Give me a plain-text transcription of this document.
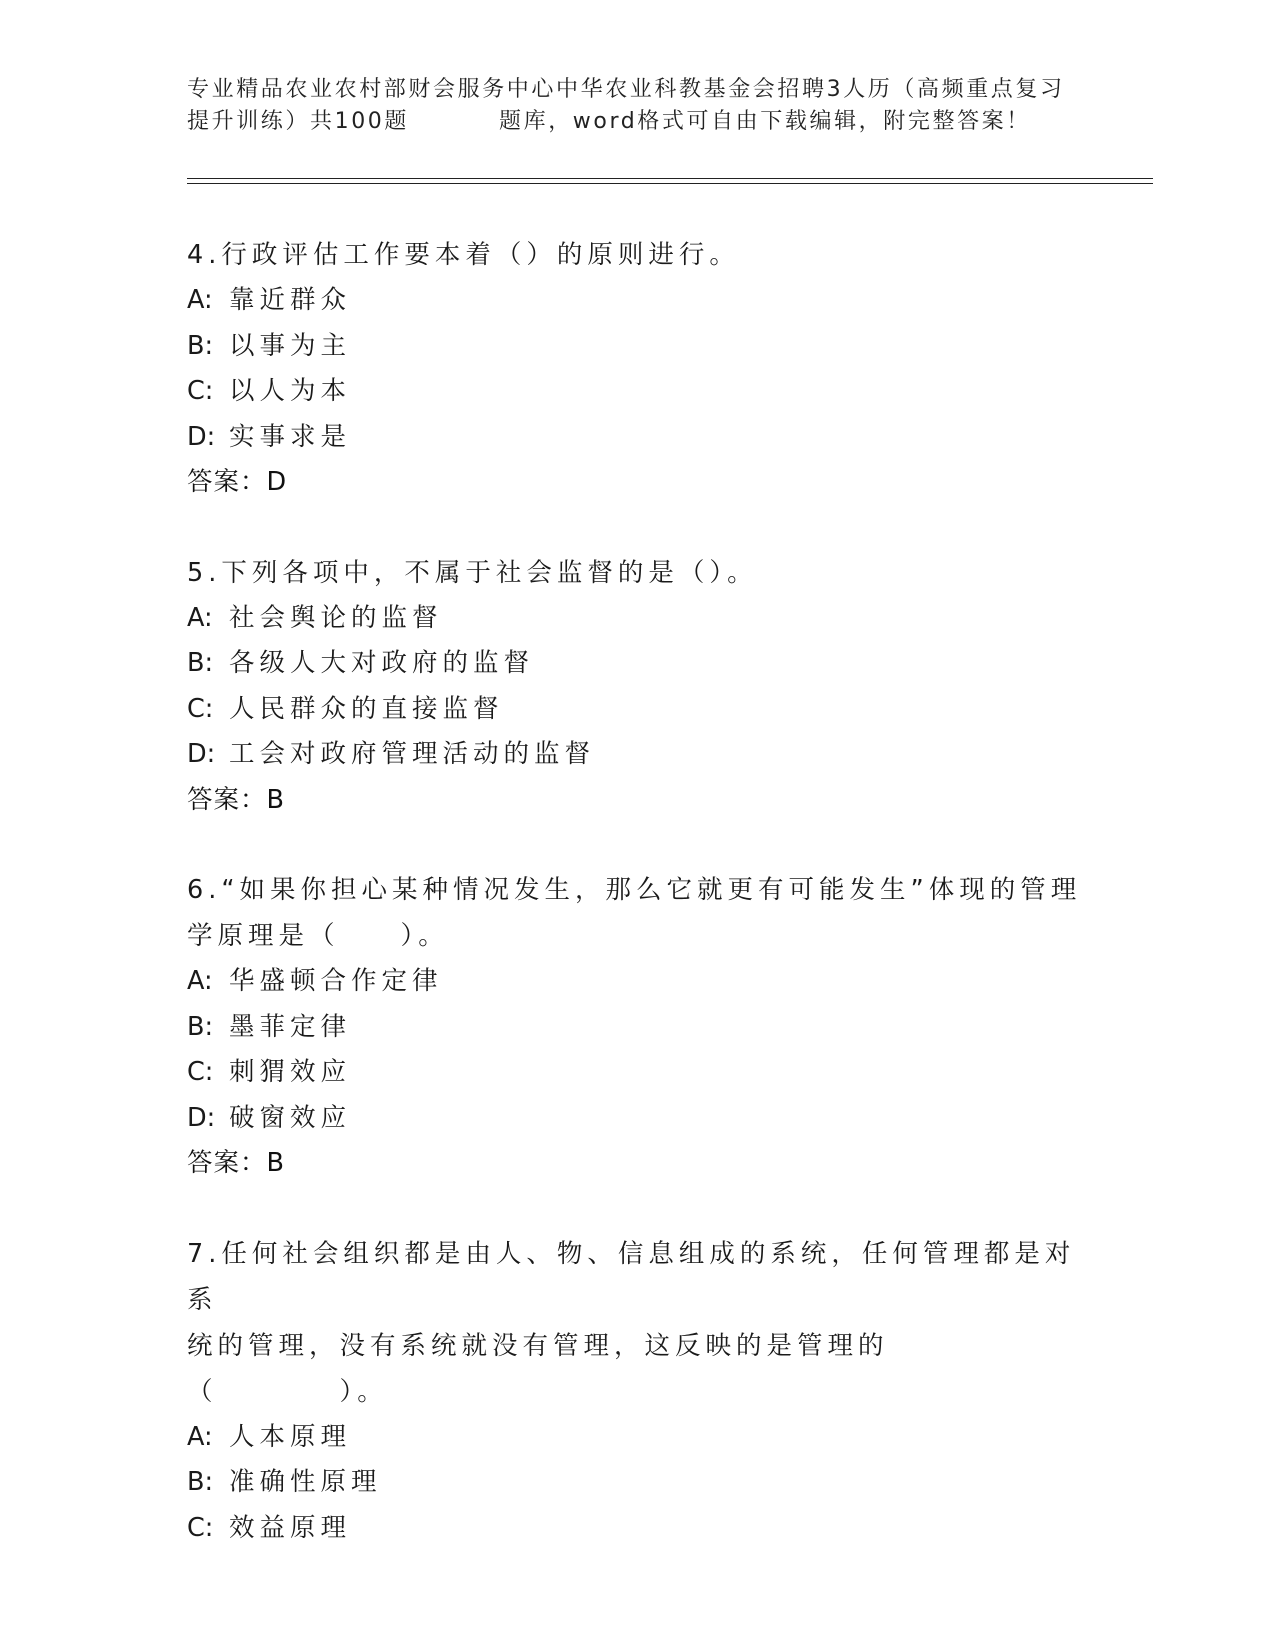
专业精品农业农村部财会服务中心中华农业科教基金会招聘3人历（高频重点复习
提升训练）共100题	题库，word格式可自由下载编辑，附完整答案！
4.行政评估工作要本着（）的原则进行。
A: 靠近群众
B: 以事为主
C: 以人为本
D: 实事求是
答案：D
5.下列各项中，不属于社会监督的是（）。
A: 社会舆论的监督
B: 各级人大对政府的监督
C: 人民群众的直接监督
D: 工会对政府管理活动的监督
答案：B
6.“如果你担心某种情况发生，那么它就更有可能发生”体现的管理
学原理是（　　）。
A: 华盛顿合作定律
B: 墨菲定律
C: 刺猬效应
D: 破窗效应
答案：B
7.任何社会组织都是由人、物、信息组成的系统，任何管理都是对系
统的管理，没有系统就没有管理，这反映的是管理的（　　　　）。
A: 人本原理
B: 准确性原理
C: 效益原理
